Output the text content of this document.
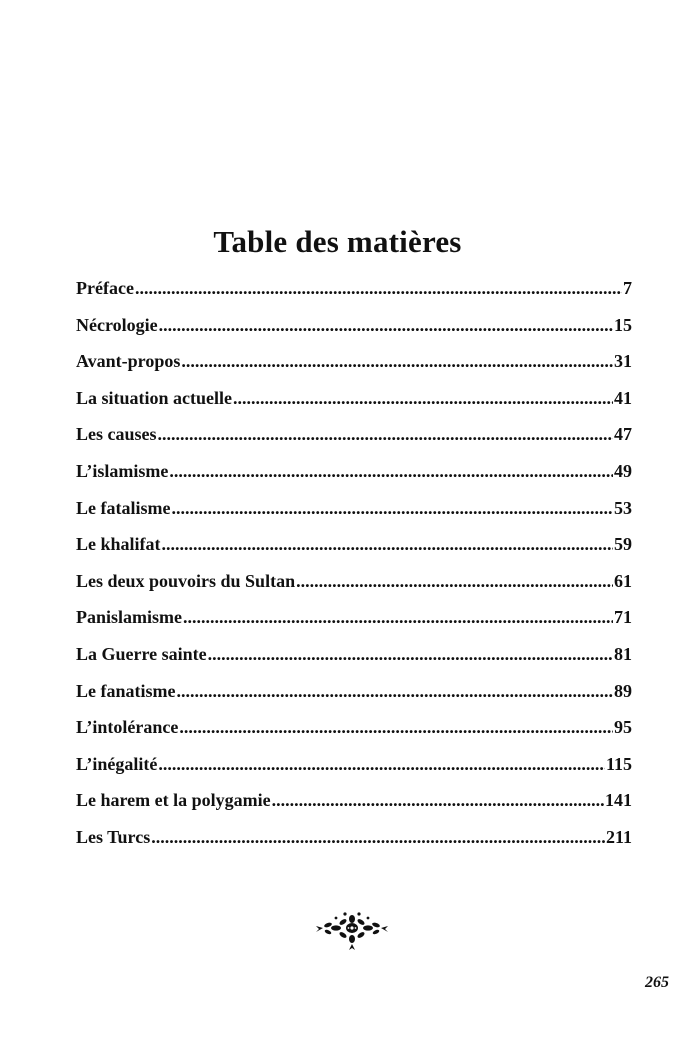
Table des matières
Préface .....	7
Nécrologie .....	15
Avant-propos .....	31
La situation actuelle .....	41
Les causes .....	47
L’islamisme .....	49
Le fatalisme .....	53
Le khalifat .....	59
Les deux pouvoirs du Sultan .....	61
Panislamisme .....	71
La Guerre sainte .....	81
Le fanatisme .....	89
L’intolérance .....	95
L’inégalité .....	115
Le harem et la polygamie .....	141
Les Turcs .....	211
265
